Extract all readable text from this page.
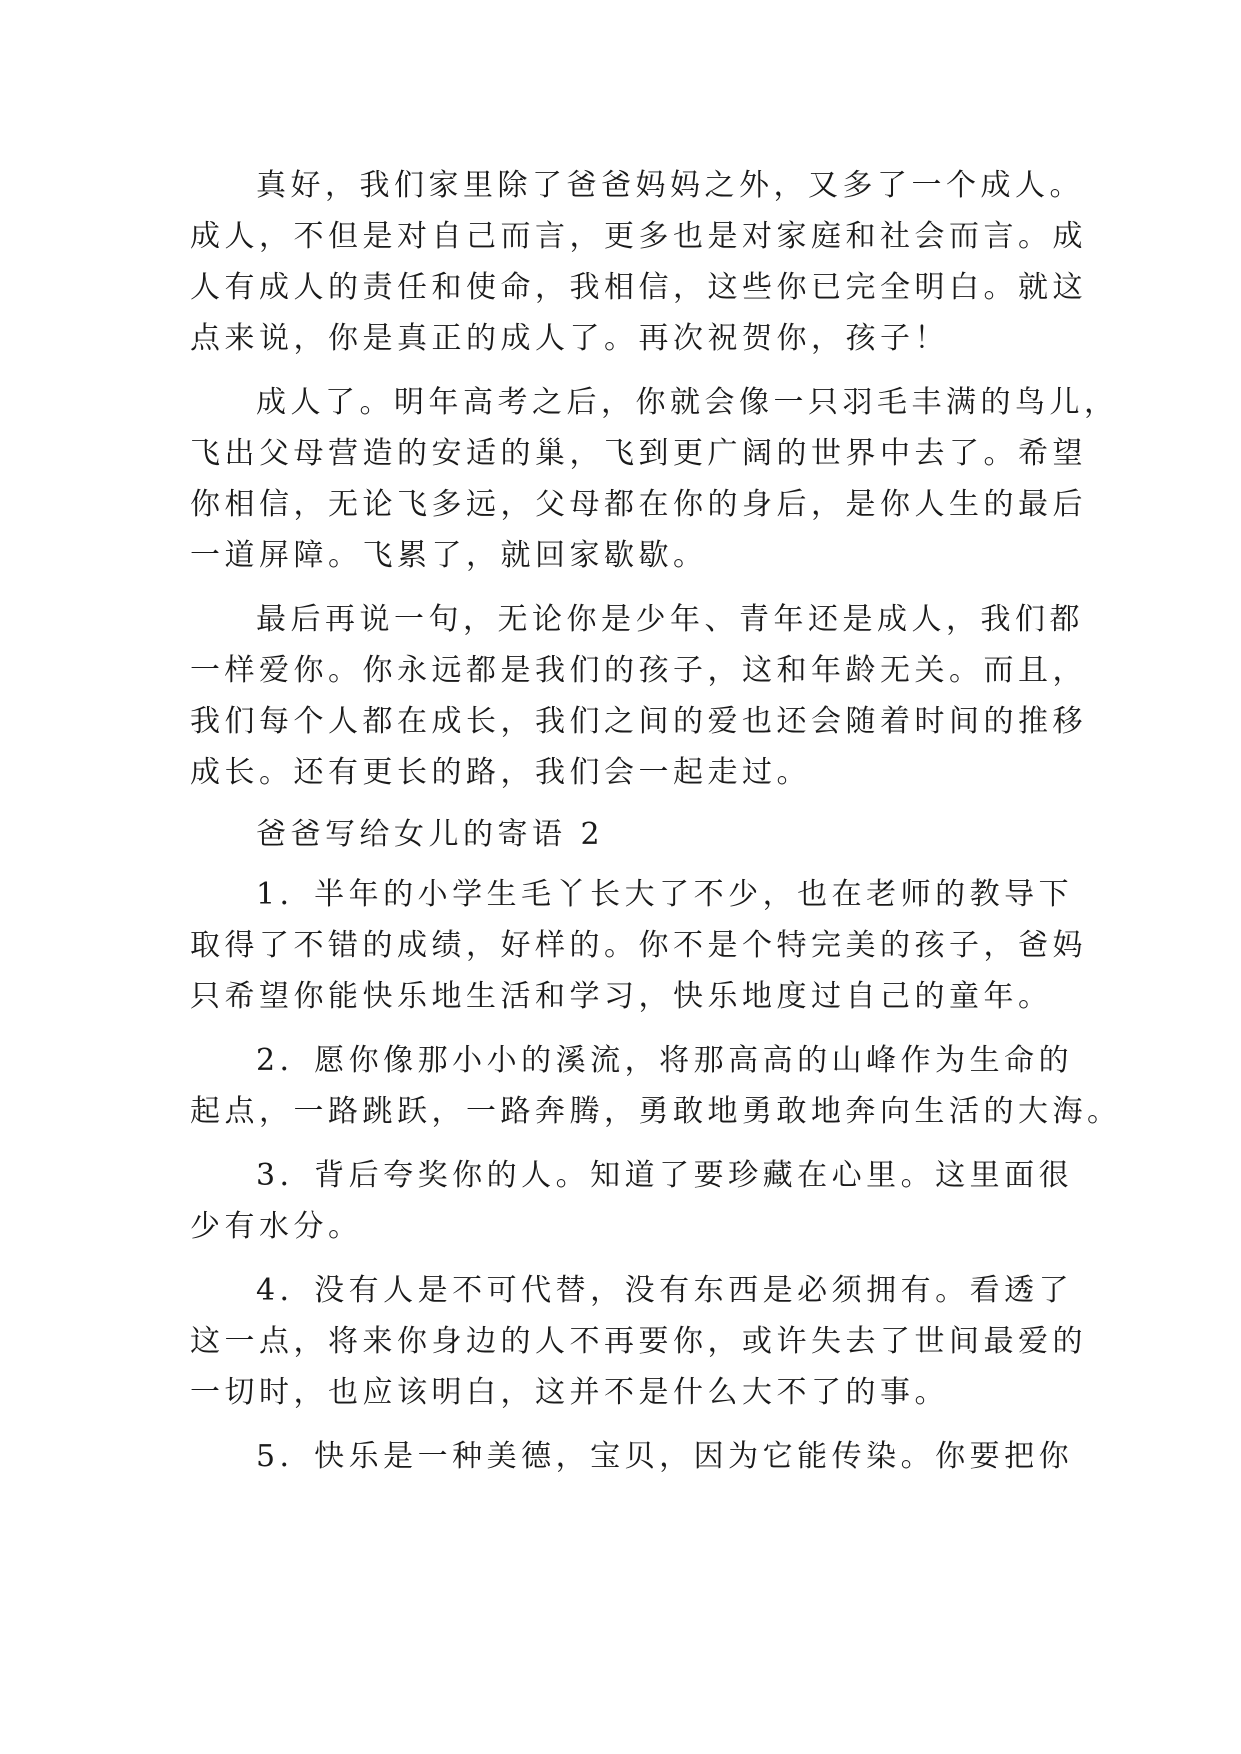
真好，我们家里除了爸爸妈妈之外，又多了一个成人。
成人，不但是对自己而言，更多也是对家庭和社会而言。成
人有成人的责任和使命，我相信，这些你已完全明白。就这
点来说，你是真正的成人了。再次祝贺你，孩子！
成人了。明年高考之后，你就会像一只羽毛丰满的鸟儿，
飞出父母营造的安适的巢，飞到更广阔的世界中去了。希望
你相信，无论飞多远，父母都在你的身后，是你人生的最后
一道屏障。飞累了，就回家歇歇。
最后再说一句，无论你是少年、青年还是成人，我们都
一样爱你。你永远都是我们的孩子，这和年龄无关。而且，
我们每个人都在成长，我们之间的爱也还会随着时间的推移
成长。还有更长的路，我们会一起走过。
爸爸写给女儿的寄语 2
1．半年的小学生毛丫长大了不少，也在老师的教导下
取得了不错的成绩，好样的。你不是个特完美的孩子，爸妈
只希望你能快乐地生活和学习，快乐地度过自己的童年。
2．愿你像那小小的溪流，将那高高的山峰作为生命的
起点，一路跳跃，一路奔腾，勇敢地勇敢地奔向生活的大海。
3．背后夸奖你的人。知道了要珍藏在心里。这里面很
少有水分。
4．没有人是不可代替，没有东西是必须拥有。看透了
这一点，将来你身边的人不再要你，或许失去了世间最爱的
一切时，也应该明白，这并不是什么大不了的事。
5．快乐是一种美德，宝贝，因为它能传染。你要把你
